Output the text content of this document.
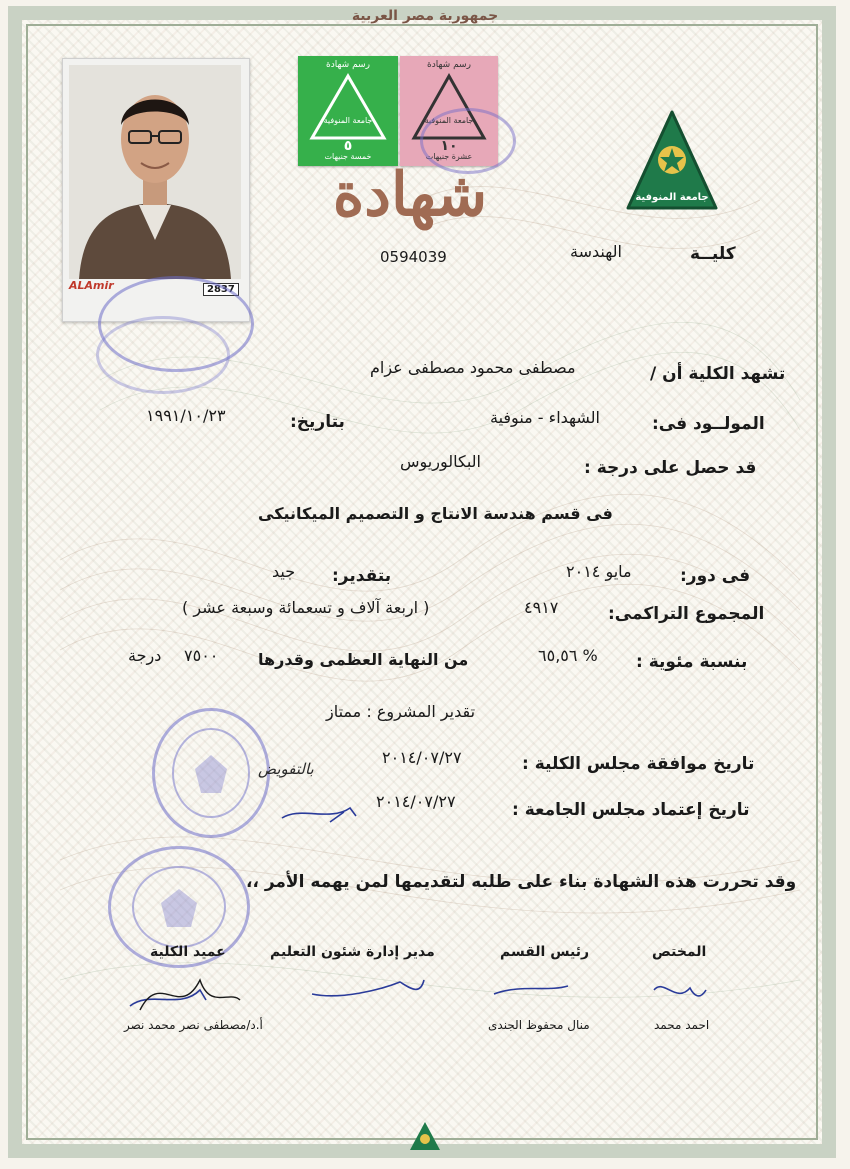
جمهورية مصر العربية
ALAmir	2837
رسم شهادة
جامعة المنوفية
٥
خمسة جنيهات
رسم شهادة
جامعة المنوفية
١٠
عشرة جنيهات
جامعة المنوفية
شهادة
0594039	كليــة
الهندسة
تشهد الكلية أن /
مصطفى محمود مصطفى عزام
المولــود فى:
الشهداء - منوفية
بتاريخ:
١٩٩١/١٠/٢٣
قد حصل على درجة :
البكالوريوس
فى قسم هندسة الانتاج و التصميم الميكانيكى
فى دور:
مايو ٢٠١٤
بتقدير:
جيد
المجموع التراكمى:
٤٩١٧
( اربعة آلاف و تسعمائة وسبعة عشر )
بنسبة مئوية :
٦٥,٥٦ %
من النهاية العظمى وقدرها
٧٥٠٠
درجة
تقدير المشروع : ممتاز
تاريخ موافقة مجلس الكلية :
٢٠١٤/٠٧/٢٧
تاريخ إعتماد مجلس الجامعة :
٢٠١٤/٠٧/٢٧
وقد تحررت هذه الشهادة بناء على طلبه لتقديمها لمن يهمه الأمر ،،
بالتفويض
المختص
رئيس القسم
مدير إدارة شئون التعليم
عميد الكلية
احمد محمد
منال محفوظ الجندى
أ.د/مصطفى نصر محمد نصر
